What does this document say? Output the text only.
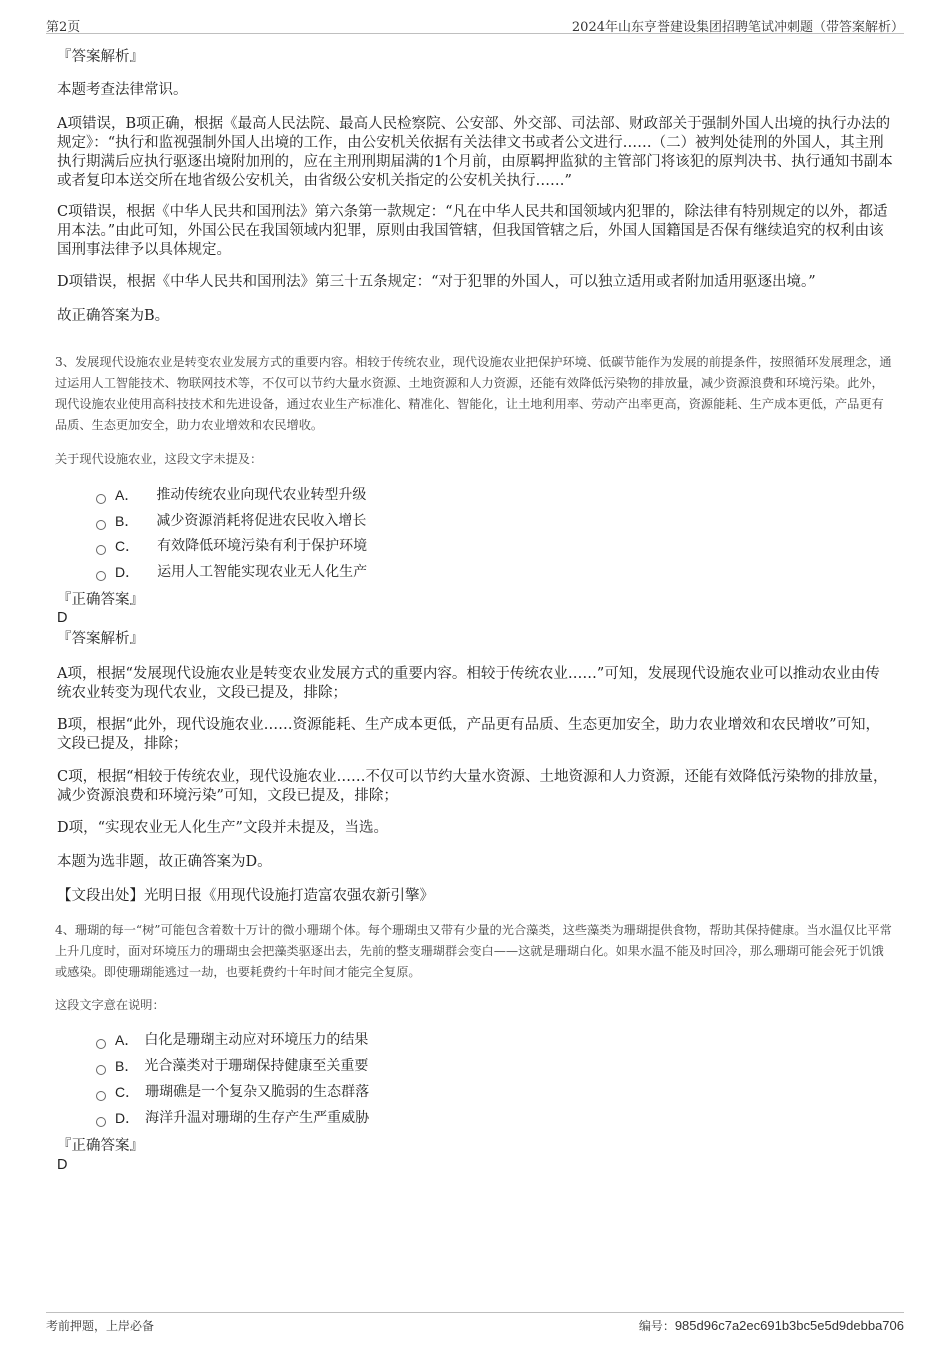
第2页	2024年山东亨誉建设集团招聘笔试冲刺题（带答案解析）

『答案解析』

本题考查法律常识。

A项错误，B项正确，根据《最高人民法院、最高人民检察院、公安部、外交部、司法部、财政部关于强制外国人出境的执行办法的规定》：“执行和监视强制外国人出境的工作，由公安机关依据有关法律文书或者公文进行……（二）被判处徒刑的外国人，其主刑执行期满后应执行驱逐出境附加刑的，应在主刑刑期届满的1个月前，由原羁押监狱的主管部门将该犯的原判决书、执行通知书副本或者复印本送交所在地省级公安机关，由省级公安机关指定的公安机关执行……”

C项错误，根据《中华人民共和国刑法》第六条第一款规定：“凡在中华人民共和国领域内犯罪的，除法律有特别规定的以外，都适用本法。”由此可知，外国公民在我国领域内犯罪，原则由我国管辖，但我国管辖之后，外国人国籍国是否保有继续追究的权利由该国刑事法律予以具体规定。

D项错误，根据《中华人民共和国刑法》第三十五条规定：“对于犯罪的外国人，可以独立适用或者附加适用驱逐出境。”

故正确答案为B。

3、发展现代设施农业是转变农业发展方式的重要内容。相较于传统农业，现代设施农业把保护环境、低碳节能作为发展的前提条件，按照循环发展理念，通过运用人工智能技术、物联网技术等，不仅可以节约大量水资源、土地资源和人力资源，还能有效降低污染物的排放量，减少资源浪费和环境污染。此外，现代设施农业使用高科技技术和先进设备，通过农业生产标准化、精准化、智能化，让土地利用率、劳动产出率更高，资源能耗、生产成本更低，产品更有品质、生态更加安全，助力农业增效和农民增收。

关于现代设施农业，这段文字未提及：

A． 推动传统农业向现代农业转型升级
B． 减少资源消耗将促进农民收入增长
C． 有效降低环境污染有利于保护环境
D． 运用人工智能实现农业无人化生产

『正确答案』

D

『答案解析』

A项，根据“发展现代设施农业是转变农业发展方式的重要内容。相较于传统农业……”可知，发展现代设施农业可以推动农业由传统农业转变为现代农业，文段已提及，排除；

B项，根据“此外，现代设施农业……资源能耗、生产成本更低，产品更有品质、生态更加安全，助力农业增效和农民增收”可知，文段已提及，排除；

C项，根据“相较于传统农业，现代设施农业……不仅可以节约大量水资源、土地资源和人力资源，还能有效降低污染物的排放量，减少资源浪费和环境污染”可知，文段已提及，排除；

D项，“实现农业无人化生产”文段并未提及，当选。

本题为选非题，故正确答案为D。

【文段出处】光明日报《用现代设施打造富农强农新引擎》

4、珊瑚的每一“树”可能包含着数十万计的微小珊瑚个体。每个珊瑚虫又带有少量的光合藻类，这些藻类为珊瑚提供食物，帮助其保持健康。当水温仅比平常上升几度时，面对环境压力的珊瑚虫会把藻类驱逐出去，先前的整支珊瑚群会变白——这就是珊瑚白化。如果水温不能及时回冷，那么珊瑚可能会死于饥饿或感染。即使珊瑚能逃过一劫，也要耗费约十年时间才能完全复原。

这段文字意在说明：

A． 白化是珊瑚主动应对环境压力的结果
B． 光合藻类对于珊瑚保持健康至关重要
C． 珊瑚礁是一个复杂又脆弱的生态群落
D． 海洋升温对珊瑚的生存产生严重威胁

『正确答案』

D
考前押题，上岸必备	编号：985d96c7a2ec691b3bc5e5d9debba706
